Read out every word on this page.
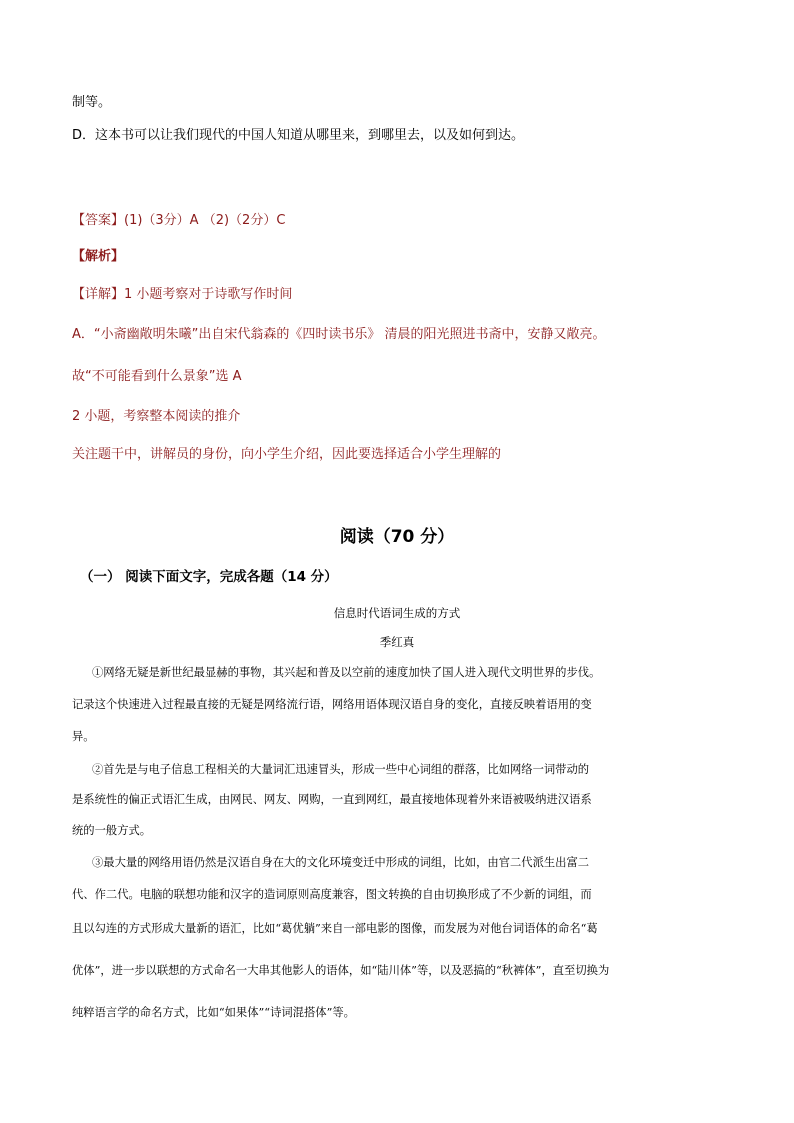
制等。
D．这本书可以让我们现代的中国人知道从哪里来，到哪里去，以及如何到达。
【答案】(1)（3分）A （2)（2分）C
【解析】
【详解】1 小题考察对于诗歌写作时间
A．“小斋幽敞明朱曦”出自宋代翁森的《四时读书乐》 清晨的阳光照进书斋中，安静又敞亮。
故“不可能看到什么景象”选 A
2 小题，考察整本阅读的推介
关注题干中，讲解员的身份，向小学生介绍，因此要选择适合小学生理解的
阅读（70 分）
（一） 阅读下面文字，完成各题（14 分）
信息时代语词生成的方式
季红真
①网络无疑是新世纪最显赫的事物，其兴起和普及以空前的速度加快了国人进入现代文明世界的步伐。
记录这个快速进入过程最直接的无疑是网络流行语，网络用语体现汉语自身的变化，直接反映着语用的变
异。
②首先是与电子信息工程相关的大量词汇迅速冒头，形成一些中心词组的群落，比如网络一词带动的
是系统性的偏正式语汇生成，由网民、网友、网购，一直到网红，最直接地体现着外来语被吸纳进汉语系
统的一般方式。
③最大量的网络用语仍然是汉语自身在大的文化环境变迁中形成的词组，比如，由官二代派生出富二
代、作二代。电脑的联想功能和汉字的造词原则高度兼容，图文转换的自由切换形成了不少新的词组，而
且以勾连的方式形成大量新的语汇，比如“葛优躺”来自一部电影的图像，而发展为对他台词语体的命名“葛
优体”，进一步以联想的方式命名一大串其他影人的语体，如“陆川体”等，以及恶搞的“秋裤体”，直至切换为
纯粹语言学的命名方式，比如“如果体”“诗词混搭体”等。
